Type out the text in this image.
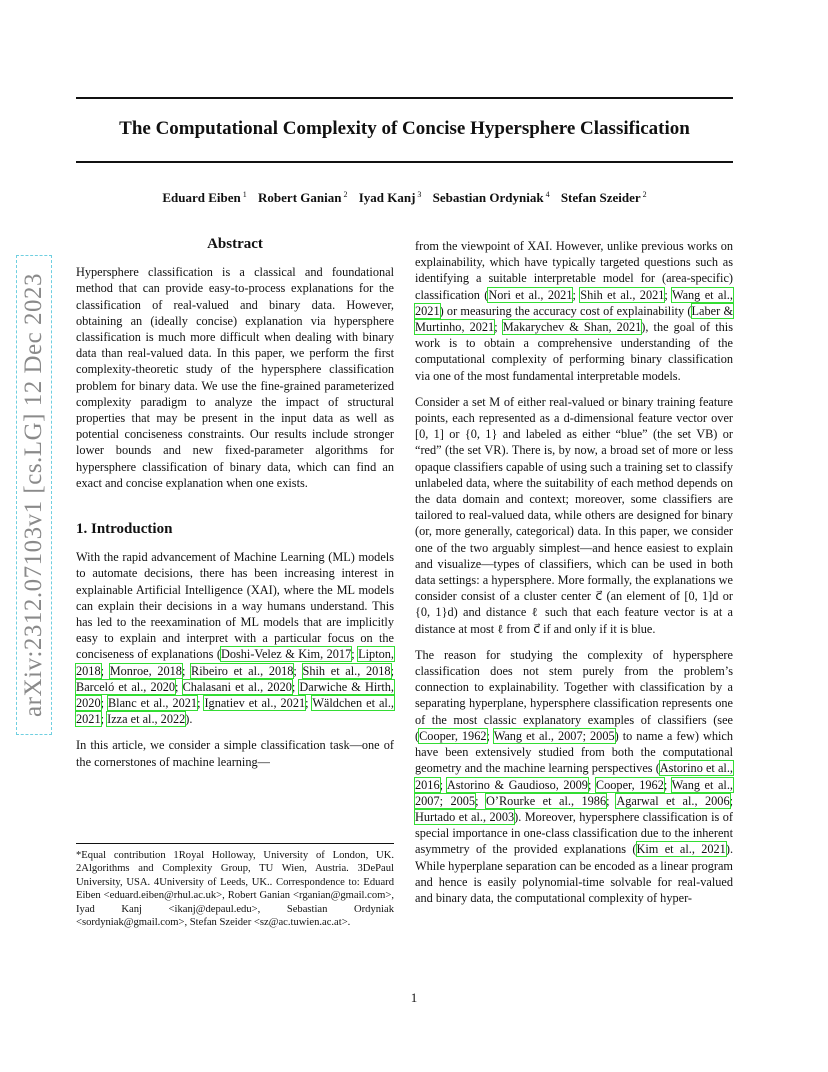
The Computational Complexity of Concise Hypersphere Classification
Eduard Eiben $^1$ Robert Ganian $^2$ Iyad Kanj $^3$ Sebastian Ordyniak $^4$ Stefan Szeider $^2$
arXiv:2312.07103v1 [cs.LG] 12 Dec 2023
Abstract

Hypersphere classification is a classical and foundational method that can provide easy-to-process explanations for the classification of real-valued and binary data. However, obtaining an (ideally concise) explanation via hypersphere classification is much more difficult when dealing with binary data than real-valued data. In this paper, we perform the first complexity-theoretic study of the hypersphere classification problem for binary data. We use the fine-grained parameterized complexity paradigm to analyze the impact of structural properties that may be present in the input data as well as potential conciseness constraints. Our results include stronger lower bounds and new fixed-parameter algorithms for hypersphere classification of binary data, which can find an exact and concise explanation when one exists.

1. Introduction

With the rapid advancement of Machine Learning (ML) models to automate decisions, there has been increasing interest in explainable Artificial Intelligence (XAI), where the ML models can explain their decisions in a way humans understand. This has led to the reexamination of ML models that are implicitly easy to explain and interpret with a particular focus on the conciseness of explanations (Doshi-Velez & Kim, 2017; Lipton, 2018; Monroe, 2018; Ribeiro et al., 2018; Shih et al., 2018; Barceló et al., 2020; Chalasani et al., 2020; Darwiche & Hirth, 2020; Blanc et al., 2021; Ignatiev et al., 2021; Wäldchen et al., 2021; Izza et al., 2022).

In this article, we consider a simple classification task—one of the cornerstones of machine learning—

*Equal contribution 1Royal Holloway, University of London, UK. 2Algorithms and Complexity Group, TU Wien, Austria. 3DePaul University, USA. 4University of Leeds, UK.. Correspondence to: Eduard Eiben <eduard.eiben@rhul.ac.uk>, Robert Ganian <rganian@gmail.com>, Iyad Kanj <ikanj@depaul.edu>, Sebastian Ordyniak <sordyniak@gmail.com>, Stefan Szeider <sz@ac.tuwien.ac.at>.

from the viewpoint of XAI. However, unlike previous works on explainability, which have typically targeted questions such as identifying a suitable interpretable model for (area-specific) classification (Nori et al., 2021; Shih et al., 2021; Wang et al., 2021) or measuring the accuracy cost of explainability (Laber & Murtinho, 2021; Makarychev & Shan, 2021), the goal of this work is to obtain a comprehensive understanding of the computational complexity of performing binary classification via one of the most fundamental interpretable models.

Consider a set M of either real-valued or binary training feature points, each represented as a d-dimensional feature vector over [0, 1] or {0, 1} and labeled as either “blue” (the set VB) or “red” (the set VR). There is, by now, a broad set of more or less opaque classifiers capable of using such a training set to classify unlabeled data, where the suitability of each method depends on the data domain and context; moreover, some classifiers are tailored to real-valued data, while others are designed for binary (or, more generally, categorical) data. In this paper, we consider one of the two arguably simplest—and hence easiest to explain and visualize—types of classifiers, which can be used in both data settings: a hypersphere. More formally, the explanations we consider consist of a cluster center c⃗ (an element of [0, 1]d or {0, 1}d) and distance ℓ such that each feature vector is at a distance at most ℓ from c⃗ if and only if it is blue.

The reason for studying the complexity of hypersphere classification does not stem purely from the problem’s connection to explainability. Together with classification by a separating hyperplane, hypersphere classification represents one of the most classic explanatory examples of classifiers (see (Cooper, 1962; Wang et al., 2007; 2005) to name a few) which have been extensively studied from both the computational geometry and the machine learning perspectives (Astorino et al., 2016; Astorino & Gaudioso, 2009; Cooper, 1962; Wang et al., 2007; 2005; O’Rourke et al., 1986; Agarwal et al., 2006; Hurtado et al., 2003). Moreover, hypersphere classification is of special importance in one-class classification due to the inherent asymmetry of the provided explanations (Kim et al., 2021). While hyperplane separation can be encoded as a linear program and hence is easily polynomial-time solvable for real-valued and binary data, the computational complexity of hyper-

1
